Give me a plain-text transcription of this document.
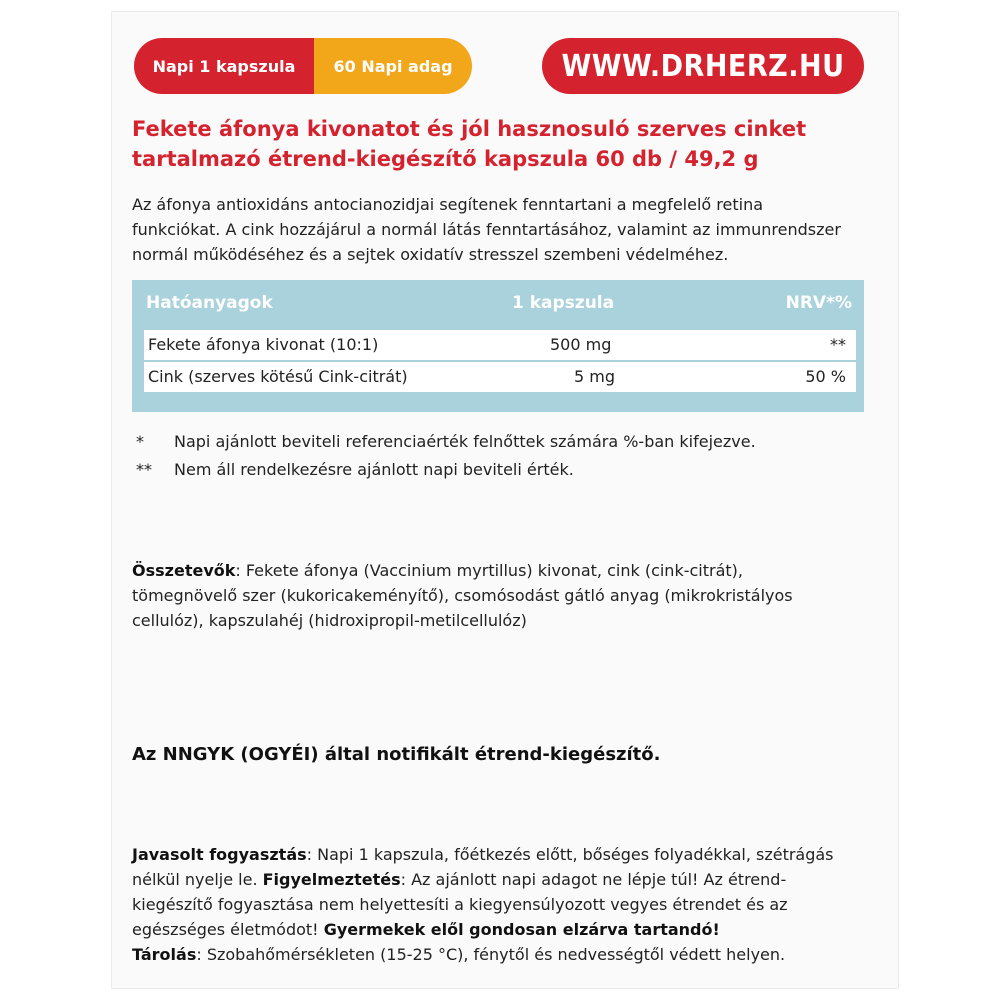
Napi 1 kapszula	60 Napi adag	WWW.DRHERZ.HU
Fekete áfonya kivonatot és jól hasznosuló szerves cinket
tartalmazó étrend-kiegészítő kapszula 60 db / 49,2 g
Az áfonya antioxidáns antocianozidjai segítenek fenntartani a megfelelő retina
funkciókat. A cink hozzájárul a normál látás fenntartásához, valamint az immunrendszer
normál működéséhez és a sejtek oxidatív stresszel szembeni védelméhez.
Hatóanyagok	1 kapszula	NRV*%
Fekete áfonya kivonat (10:1)	500 mg	**
Cink (szerves kötésű Cink-citrát)	5 mg	50 %
* Napi ajánlott beviteli referenciaérték felnőttek számára %-ban kifejezve.
** Nem áll rendelkezésre ajánlott napi beviteli érték.
Összetevők: Fekete áfonya (Vaccinium myrtillus) kivonat, cink (cink-citrát), tömegnövelő szer (kukoricakeményítő), csomósodást gátló anyag (mikrokristályos cellulóz), kapszulahéj (hidroxipropil-metilcellulóz)
Az NNGYK (OGYÉI) által notifikált étrend-kiegészítő.
Javasolt fogyasztás: Napi 1 kapszula, főétkezés előtt, bőséges folyadékkal, szétrágás nélkül nyelje le. Figyelmeztetés: Az ajánlott napi adagot ne lépje túl! Az étrend-kiegészítő fogyasztása nem helyettesíti a kiegyensúlyozott vegyes étrendet és az egészséges életmódot! Gyermekek elől gondosan elzárva tartandó!
Tárolás: Szobahőmérsékleten (15-25 °C), fénytől és nedvességtől védett helyen.
